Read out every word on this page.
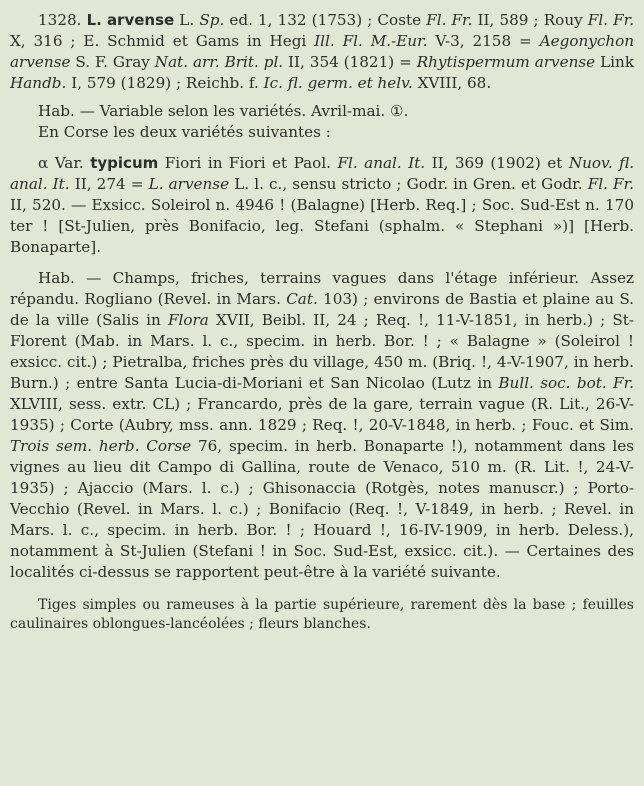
1328. L. arvense L. Sp. ed. 1, 132 (1753) ; Coste Fl. Fr. II, 589 ; Rouy Fl. Fr. X, 316 ; E. Schmid et Gams in Hegi Ill. Fl. M.-Eur. V-3, 2158 = Aegonychon arvense S. F. Gray Nat. arr. Brit. pl. II, 354 (1821) = Rhytispermum arvense Link Handb. I, 579 (1829) ; Reichb. f. Ic. fl. germ. et helv. XVIII, 68.

Hab. — Variable selon les variétés. Avril-mai. ①.

En Corse les deux variétés suivantes :

α Var. typicum Fiori in Fiori et Paol. Fl. anal. It. II, 369 (1902) et Nuov. fl. anal. It. II, 274 = L. arvense L. l. c., sensu stricto ; Godr. in Gren. et Godr. Fl. Fr. II, 520. — Exsicc. Soleirol n. 4946 ! (Balagne) [Herb. Req.] ; Soc. Sud-Est n. 170 ter ! [St-Julien, près Bonifacio, leg. Stefani (sphalm. « Stephani »)] [Herb. Bonaparte].

Hab. — Champs, friches, terrains vagues dans l'étage inférieur. Assez répandu. Rogliano (Revel. in Mars. Cat. 103) ; environs de Bastia et plaine au S. de la ville (Salis in Flora XVII, Beibl. II, 24 ; Req. !, 11-V-1851, in herb.) ; St-Florent (Mab. in Mars. l. c., specim. in herb. Bor. ! ; « Balagne » (Soleirol ! exsicc. cit.) ; Pietralba, friches près du village, 450 m. (Briq. !, 4-V-1907, in herb. Burn.) ; entre Santa Lucia-di-Moriani et San Nicolao (Lutz in Bull. soc. bot. Fr. XLVIII, sess. extr. CL) ; Francardo, près de la gare, terrain vague (R. Lit., 26-V-1935) ; Corte (Aubry, mss. ann. 1829 ; Req. !, 20-V-1848, in herb. ; Fouc. et Sim. Trois sem. herb. Corse 76, specim. in herb. Bonaparte !), notamment dans les vignes au lieu dit Campo di Gallina, route de Venaco, 510 m. (R. Lit. !, 24-V-1935) ; Ajaccio (Mars. l. c.) ; Ghisonaccia (Rotgès, notes manuscr.) ; Porto-Vecchio (Revel. in Mars. l. c.) ; Bonifacio (Req. !, V-1849, in herb. ; Revel. in Mars. l. c., specim. in herb. Bor. ! ; Houard !, 16-IV-1909, in herb. Deless.), notamment à St-Julien (Stefani ! in Soc. Sud-Est, exsicc. cit.). — Certaines des localités ci-dessus se rapportent peut-être à la variété suivante.

Tiges simples ou rameuses à la partie supérieure, rarement dès la base ; feuilles caulinaires oblongues-lancéolées ; fleurs blanches.
